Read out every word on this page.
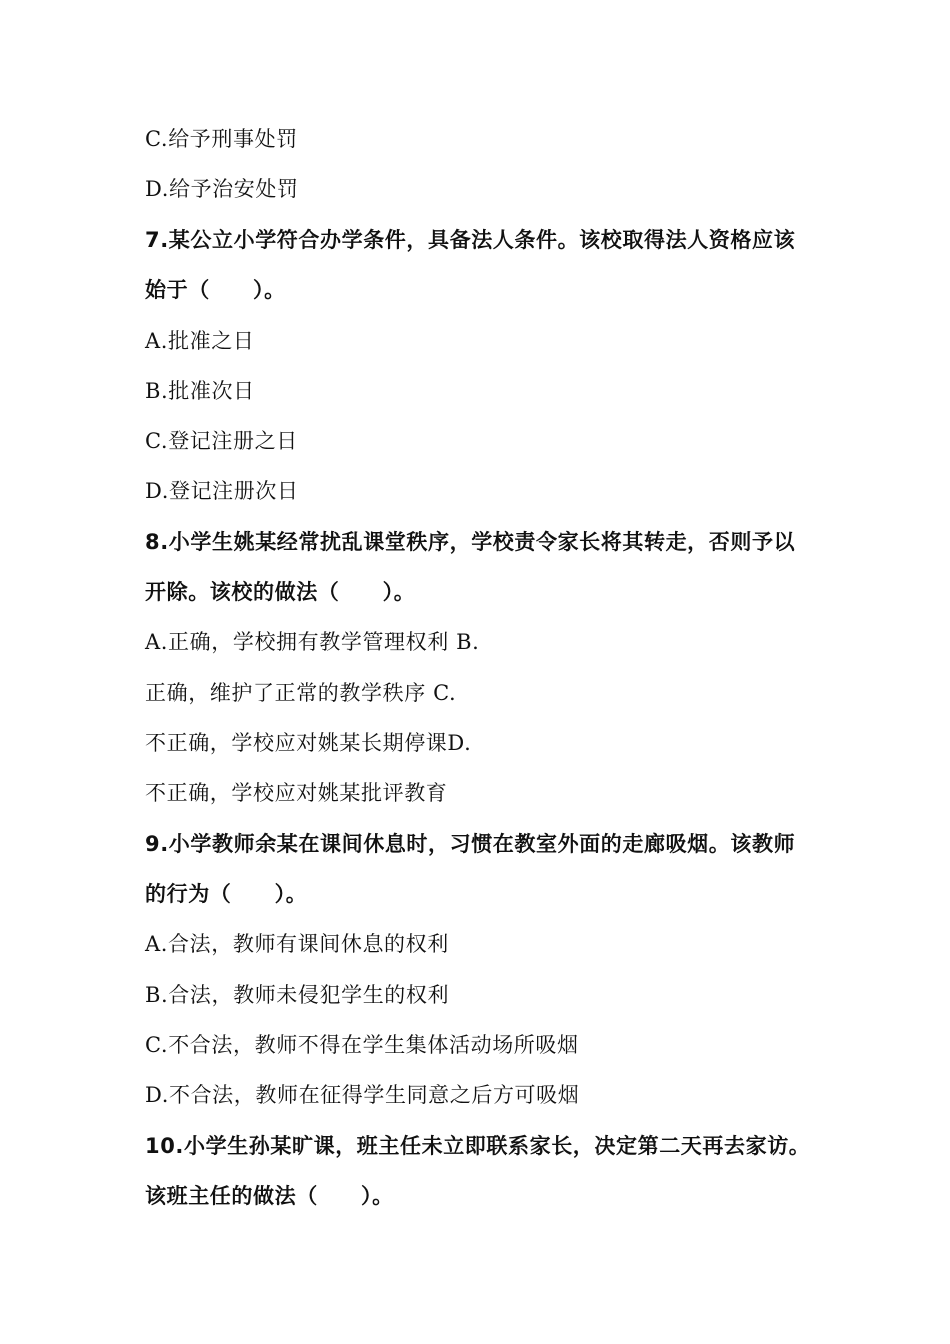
C.给予刑事处罚
D.给予治安处罚
7.某公立小学符合办学条件，具备法人条件。该校取得法人资格应该
始于（　　）。
A.批准之日
B.批准次日
C.登记注册之日
D.登记注册次日
8.小学生姚某经常扰乱课堂秩序，学校责令家长将其转走，否则予以
开除。该校的做法（　　）。
A.正确，学校拥有教学管理权利 B.
正确，维护了正常的教学秩序 C.
不正确，学校应对姚某长期停课D.
不正确，学校应对姚某批评教育
9.小学教师余某在课间休息时，习惯在教室外面的走廊吸烟。该教师
的行为（　　）。
A.合法，教师有课间休息的权利
B.合法，教师未侵犯学生的权利
C.不合法，教师不得在学生集体活动场所吸烟
D.不合法，教师在征得学生同意之后方可吸烟
10.小学生孙某旷课，班主任未立即联系家长，决定第二天再去家访。
该班主任的做法（　　）。
